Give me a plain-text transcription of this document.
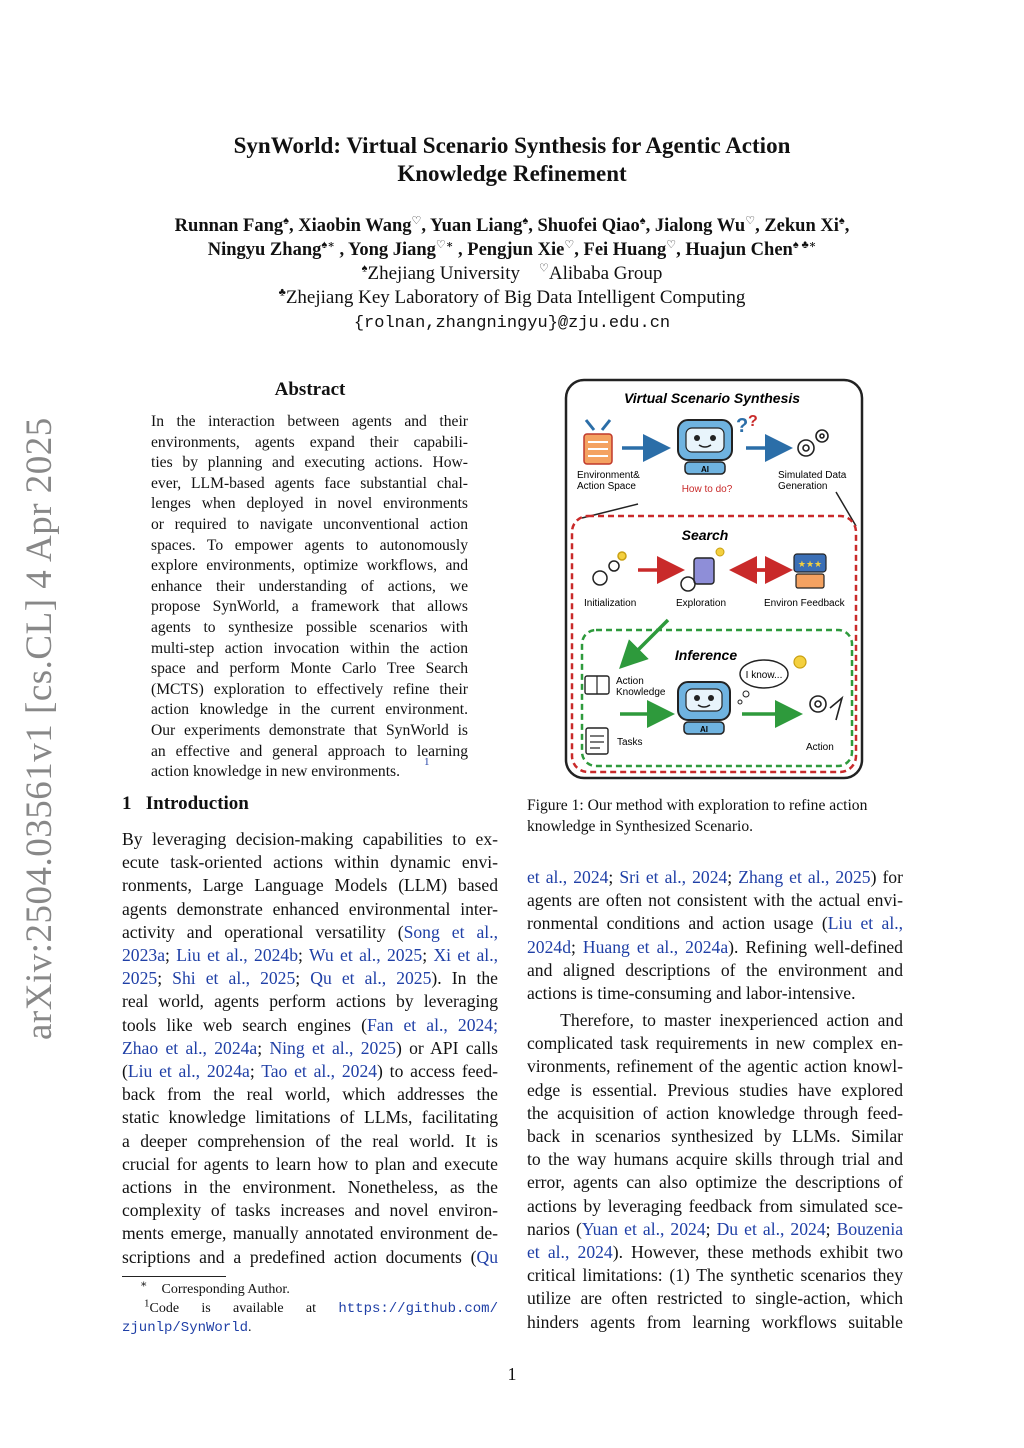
arXiv:2504.03561v1 [cs.CL] 4 Apr 2025
SynWorld: Virtual Scenario Synthesis for Agentic Action
Knowledge Refinement
Runnan Fang♠, Xiaobin Wang♡, Yuan Liang♠, Shuofei Qiao♠, Jialong Wu♡, Zekun Xi♠,
Ningyu Zhang♠∗ , Yong Jiang♡∗ , Pengjun Xie♡, Fei Huang♡, Huajun Chen♠ ♣∗
♠Zhejiang University ♡Alibaba Group
♣Zhejiang Key Laboratory of Big Data Intelligent Computing
{rolnan,zhangningyu}@zju.edu.cn
Abstract
In the interaction between agents and their
environments, agents expand their capabili-
ties by planning and executing actions. How-
ever, LLM-based agents face substantial chal-
lenges when deployed in novel environments
or required to navigate unconventional action
spaces. To empower agents to autonomously
explore environments, optimize workflows, and
enhance their understanding of actions, we
propose SynWorld, a framework that allows
agents to synthesize possible scenarios with
multi-step action invocation within the action
space and perform Monte Carlo Tree Search
(MCTS) exploration to effectively refine their
action knowledge in the current environment.
Our experiments demonstrate that SynWorld is
an effective and general approach to learning
action knowledge in new environments.
1
1 Introduction
By leveraging decision-making capabilities to ex-
ecute task-oriented actions within dynamic envi-
ronments, Large Language Models (LLM) based
agents demonstrate enhanced environmental inter-
activity and operational versatility (Song et al.,
2023a; Liu et al., 2024b; Wu et al., 2025; Xi et al.,
2025; Shi et al., 2025; Qu et al., 2025). In the
real world, agents perform actions by leveraging
tools like web search engines (Fan et al., 2024;
Zhao et al., 2024a; Ning et al., 2025) or API calls
(Liu et al., 2024a; Tao et al., 2024) to access feed-
back from the real world, which addresses the
static knowledge limitations of LLMs, facilitating
a deeper comprehension of the real world. It is
crucial for agents to learn how to plan and execute
actions in the environment. Nonetheless, as the
complexity of tasks increases and novel environ-
ments emerge, manually annotated environment de-
scriptions and a predefined action documents (Qu
∗ Corresponding Author.
$^1$Code   is   available   at   https://github.com/
zjunlp/SynWorld.
Virtual Scenario Synthesis
Environment&
Action Space
AI
? ?
How to do?
Simulated Data
Generation
Search
Initialization	Exploration
★★★
Environ Feedback
Inference
Action
Knowledge
AI
I know...
Tasks	Action
Figure 1: Our method with exploration to refine action
knowledge in Synthesized Scenario.
et al., 2024; Sri et al., 2024; Zhang et al., 2025) for
agents are often not consistent with the actual envi-
ronmental conditions and action usage (Liu et al.,
2024d; Huang et al., 2024a). Refining well-defined
and aligned descriptions of the environment and
actions is time-consuming and labor-intensive.
Therefore, to master inexperienced action and
complicated task requirements in new complex en-
vironments, refinement of the agentic action knowl-
edge is essential. Previous studies have explored
the acquisition of action knowledge through feed-
back in scenarios synthesized by LLMs. Similar
to the way humans acquire skills through trial and
error, agents can also optimize the descriptions of
actions by leveraging feedback from simulated sce-
narios (Yuan et al., 2024; Du et al., 2024; Bouzenia
et al., 2024). However, these methods exhibit two
critical limitations: (1) The synthetic scenarios they
utilize are often restricted to single-action, which
hinders agents from learning workflows suitable
1
